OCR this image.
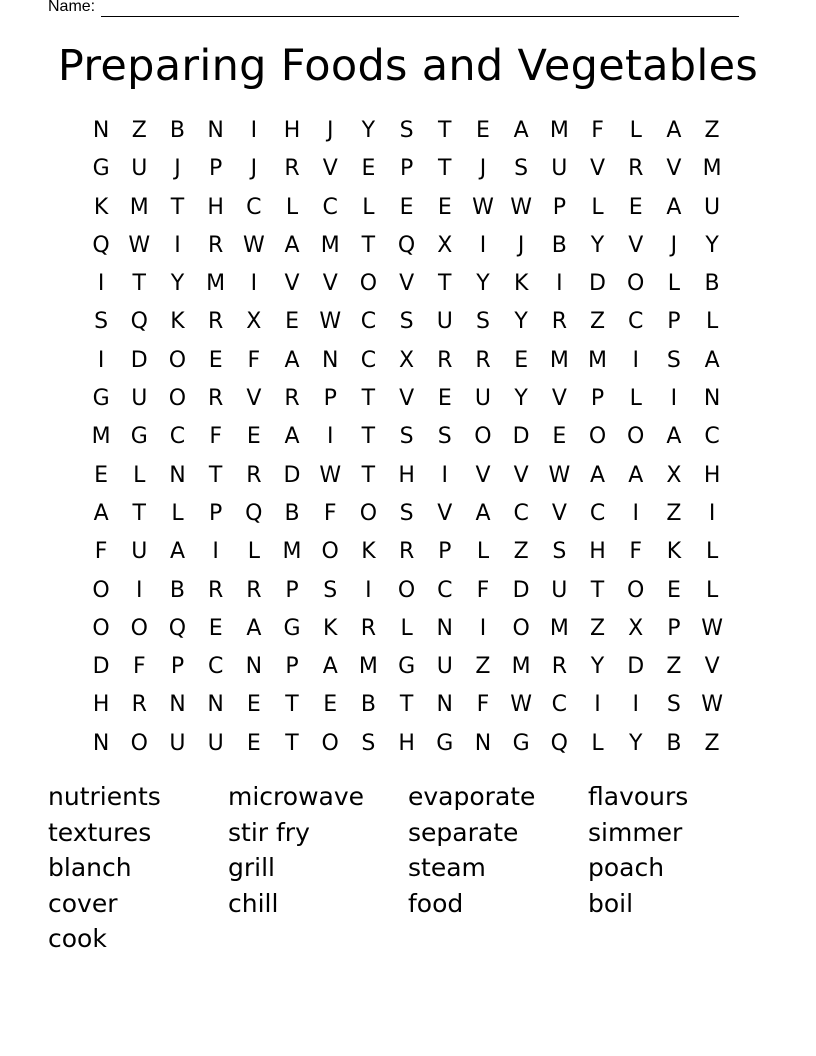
Name:
Preparing Foods and Vegetables
N	Z	B	N	I	H	J	Y	S	T	E	A M	F	L	A	Z
G U	J	P	J	R	V	E	P	T	J	S	U	V	R	V M
K M T	H	C	L	C	L	E	E W W P	L	E	A	U
Q W	I	R W A M T	Q X	I	J	B	Y	V	J	Y
I	T	Y M	I	V	V O	V	T	Y	K	I	D O	L	B
S	Q	K	R	X	E W C	S	U	S	Y	R	Z	C	P	L
I	D O	E	F	A	N	C	X	R	R	E M M	I	S	A
G U O R	V	R	P	T	V	E	U	Y	V	P	L	I	N
M G C	F	E	A	I	T	S	S	O D	E	O O	A	C
E	L	N	T	R	D W T	H	I	V	V W A	A	X	H
A	T	L	P	Q B	F	O	S	V	A	C	V	C	I	Z	I
F	U	A	I	L	M O	K	R	P	L	Z	S	H	F	K	L
O	I	B	R	R	P	S	I	O C	F	D U	T	O	E	L
O O Q	E	A	G	K	R	L	N	I	O M Z	X	P W
D	F	P	C	N	P	A M G U	Z M R	Y	D	Z	V
H	R	N N	E	T	E	B	T	N	F W C	I	I	S W
N O U	U	E	T	O	S	H G N G Q	L	Y	B	Z
nutrients	microwave	evaporate	flavours
textures	stir fry	separate	simmer
blanch	grill	steam	poach
cover	chill	food	boil
cook
